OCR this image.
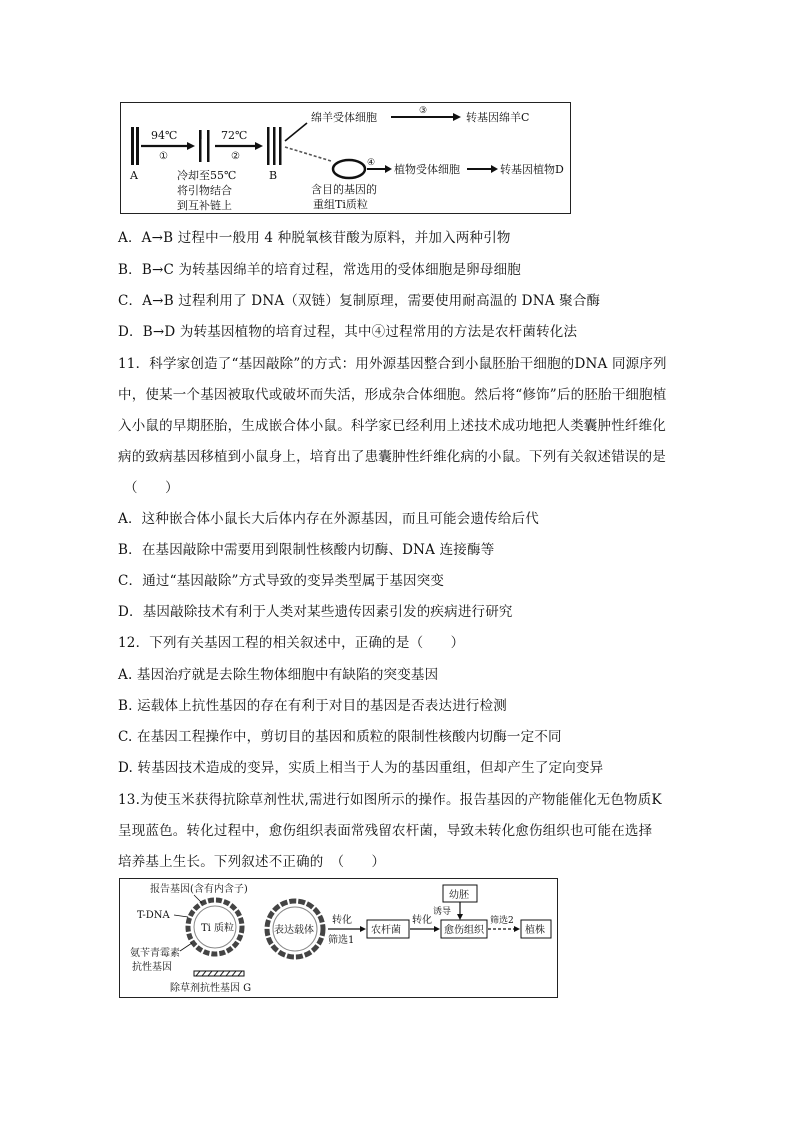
A
94℃
①
72℃
②
冷却至55℃
将引物结合
到互补链上
B
绵羊受体细胞	③	转基因绵羊C
④ 植物受体细胞	转基因植物D
含目的基因的
重组Ti质粒
A．A→B 过程中一般用 4 种脱氧核苷酸为原料，并加入两种引物
B．B→C 为转基因绵羊的培育过程，常选用的受体细胞是卵母细胞
C．A→B 过程利用了 DNA（双链）复制原理，需要使用耐高温的 DNA 聚合酶
D．B→D 为转基因植物的培育过程，其中④过程常用的方法是农杆菌转化法
11．科学家创造了“基因敲除”的方式：用外源基因整合到小鼠胚胎干细胞的DNA 同源序列
中，使某一个基因被取代或破坏而失活，形成杂合体细胞。然后将“修饰”后的胚胎干细胞植
入小鼠的早期胚胎，生成嵌合体小鼠。科学家已经利用上述技术成功地把人类囊肿性纤维化
病的致病基因移植到小鼠身上，培育出了患囊肿性纤维化病的小鼠。下列有关叙述错误的是
（　　）
A．这种嵌合体小鼠长大后体内存在外源基因，而且可能会遗传给后代
B．在基因敲除中需要用到限制性核酸内切酶、DNA 连接酶等
C．通过“基因敲除”方式导致的变异类型属于基因突变
D．基因敲除技术有利于人类对某些遗传因素引发的疾病进行研究
12．下列有关基因工程的相关叙述中，正确的是（　　）
A. 基因治疗就是去除生物体细胞中有缺陷的突变基因
B. 运载体上抗性基因的存在有利于对目的基因是否表达进行检测
C. 在基因工程操作中，剪切目的基因和质粒的限制性核酸内切酶一定不同
D. 转基因技术造成的变异，实质上相当于人为的基因重组，但却产生了定向变异
13.为使玉米获得抗除草剂性状,需进行如图所示的操作。报告基因的产物能催化无色物质K
呈现蓝色。转化过程中，愈伤组织表面常残留农杆菌，导致未转化愈伤组织也可能在选择
培养基上生长。下列叙述不正确的　（　　）
Ti 质粒
报告基因(含有内含子)
T-DNA
氨苄青霉素
抗性基因
除草剂抗性基因 G
表达载体
转化
筛选1
农杆菌
转化
愈伤组织
幼胚
诱导
筛选2
植株
